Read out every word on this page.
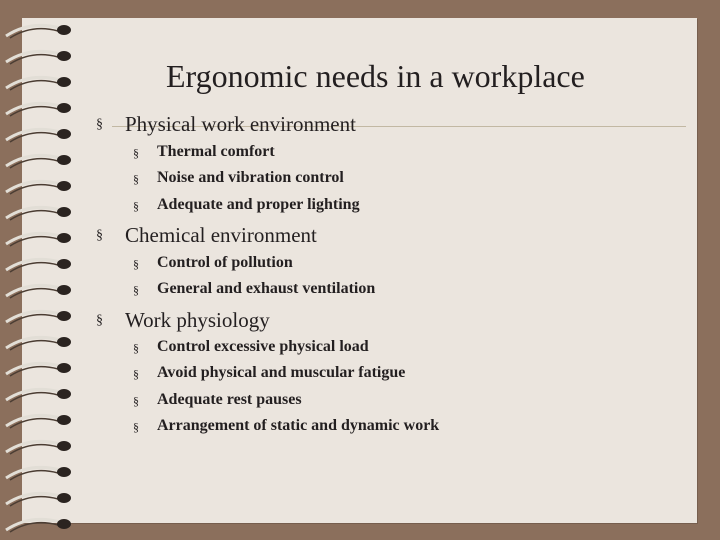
Ergonomic needs in a workplace
§ Physical work environment
§ Thermal comfort
§ Noise and vibration control
§ Adequate and proper lighting
§ Chemical environment
§ Control of pollution
§ General and exhaust ventilation
§ Work physiology
§ Control excessive physical load
§ Avoid physical and muscular fatigue
§ Adequate rest pauses
§ Arrangement of static and dynamic work
